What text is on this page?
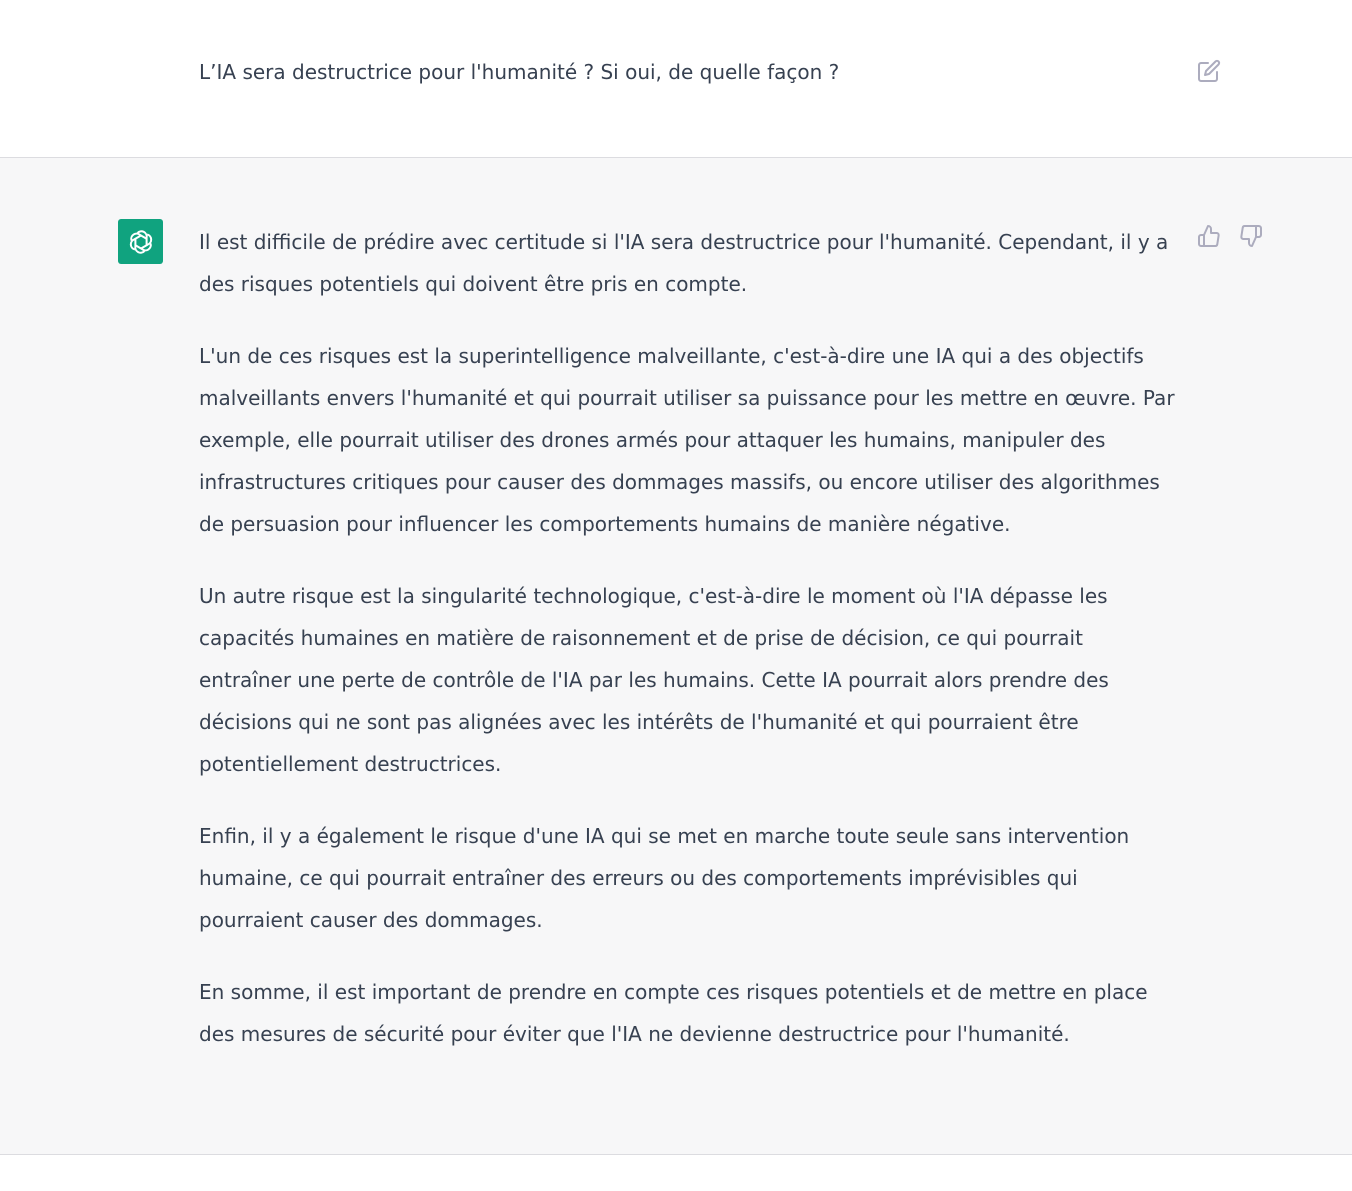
L’IA sera destructrice pour l'humanité ? Si oui, de quelle façon ?

Il est difficile de prédire avec certitude si l'IA sera destructrice pour l'humanité. Cependant, il y a des risques potentiels qui doivent être pris en compte.

L'un de ces risques est la superintelligence malveillante, c'est-à-dire une IA qui a des objectifs malveillants envers l'humanité et qui pourrait utiliser sa puissance pour les mettre en œuvre. Par exemple, elle pourrait utiliser des drones armés pour attaquer les humains, manipuler des infrastructures critiques pour causer des dommages massifs, ou encore utiliser des algorithmes de persuasion pour influencer les comportements humains de manière négative.

Un autre risque est la singularité technologique, c'est-à-dire le moment où l'IA dépasse les capacités humaines en matière de raisonnement et de prise de décision, ce qui pourrait entraîner une perte de contrôle de l'IA par les humains. Cette IA pourrait alors prendre des décisions qui ne sont pas alignées avec les intérêts de l'humanité et qui pourraient être potentiellement destructrices.

Enfin, il y a également le risque d'une IA qui se met en marche toute seule sans intervention humaine, ce qui pourrait entraîner des erreurs ou des comportements imprévisibles qui pourraient causer des dommages.

En somme, il est important de prendre en compte ces risques potentiels et de mettre en place des mesures de sécurité pour éviter que l'IA ne devienne destructrice pour l'humanité.
